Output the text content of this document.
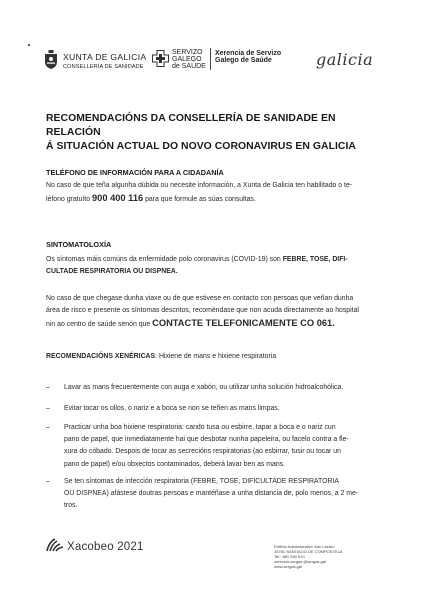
XUNTA DE GALICIA
CONSELLERÍA DE SANIDADE
SERVIZO
GALEGO
de SAÚDE
Xerencia de Servizo
Galego de Saúde	galicia
RECOMENDACIÓNS DA CONSELLERÍA DE SANIDADE EN RELACIÓN
Á SITUACIÓN ACTUAL DO NOVO CORONAVIRUS EN GALICIA
TELÉFONO DE INFORMACIÓN PARA A CIDADANÍA
No caso de que teña algunha dúbida ou necesite información, a Xunta de Galicia ten habilitado o te-
léfono gratuíto 900 400 116 para que formule as súas consultas.
SINTOMATOLOXÍA
Os síntomas máis comúns da enfermidade polo coronavirus (COVID-19) son FEBRE, TOSE, DIFI-
CULTADE RESPIRATORIA OU DISPNEA.
No caso de que chegase dunha viaxe ou de que estivese en contacto con persoas que veñan dunha
área de risco e presente os síntomas descritos, recoméndase que non acuda directamente ao hospital
nin ao centro de saúde senón que CONTACTE TELEFONICAMENTE CO 061.
RECOMENDACIÓNS XENÉRICAS: Hixiene de mans e hixiene respiratoria
– Lavar as mans frecuentemente con auga e xabón, ou utilizar unha solución hidroalcohólica.
– Evitar tocar os ollos, o nariz e a boca se non se teñen as mans limpas.
– Practicar unha boa hixiene respiratoria: cando tusa ou esbirre, tapar a boca e o nariz cun
pano de papel, que inmediatamente hai que desbotar nunha papeleira, ou facelo contra a fle-
xura do cóbado. Despois de tocar as secrecións respiratorias (ao esbirrar, tusir ou tocar un
pano de papel) e/ou obxectos contaminados, deberá lavar ben as mans.
– Se ten síntomas de infección respiratoria (FEBRE, TOSE, DIFICULTADE RESPIRATORIA
OU DISPNEA) afástese doutras persoas e mantéñase a unha distancia de, polo menos, a 2 me-
tros.
Xacobeo 2021	Edificio Administrativo San Lázaro
15781 SANTIAGO DE COMPOSTELA
Tel.: 881 540 610
xerencia.sergas.@sergas.gal
www.sergas.gal
